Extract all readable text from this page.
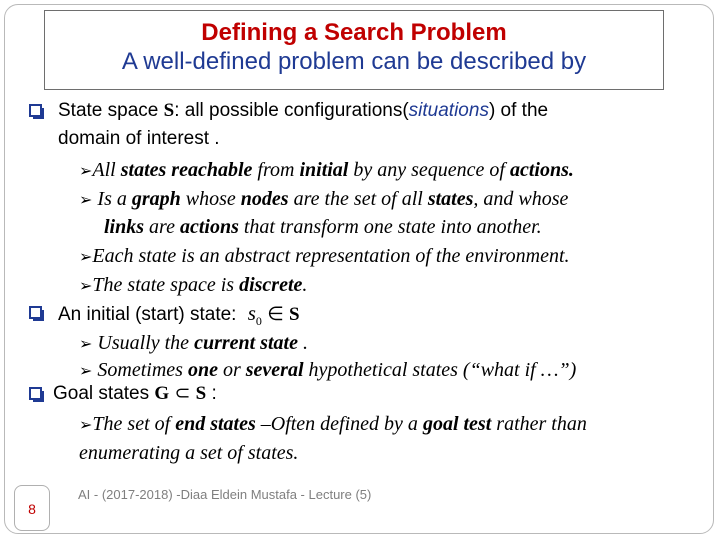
Defining a Search Problem
A well-defined problem can be described by
State space S: all possible configurations(situations) of the
domain of interest .
➢All states reachable from initial by any sequence of actions.
➢ Is a graph whose nodes are the set of all states, and whose
links are actions that transform one state into another.
➢Each state is an abstract representation of the environment.
➢The state space is discrete.
An initial (start) state: $s_0$ ∈ S
➢ Usually the current state .
➢ Sometimes one or several hypothetical states (“what if …”)
Goal states G ⊂ S :
➢The set of end states –Often defined by a goal test rather than
enumerating a set of states.
8
AI - (2017-2018) -Diaa Eldein Mustafa - Lecture (5)
